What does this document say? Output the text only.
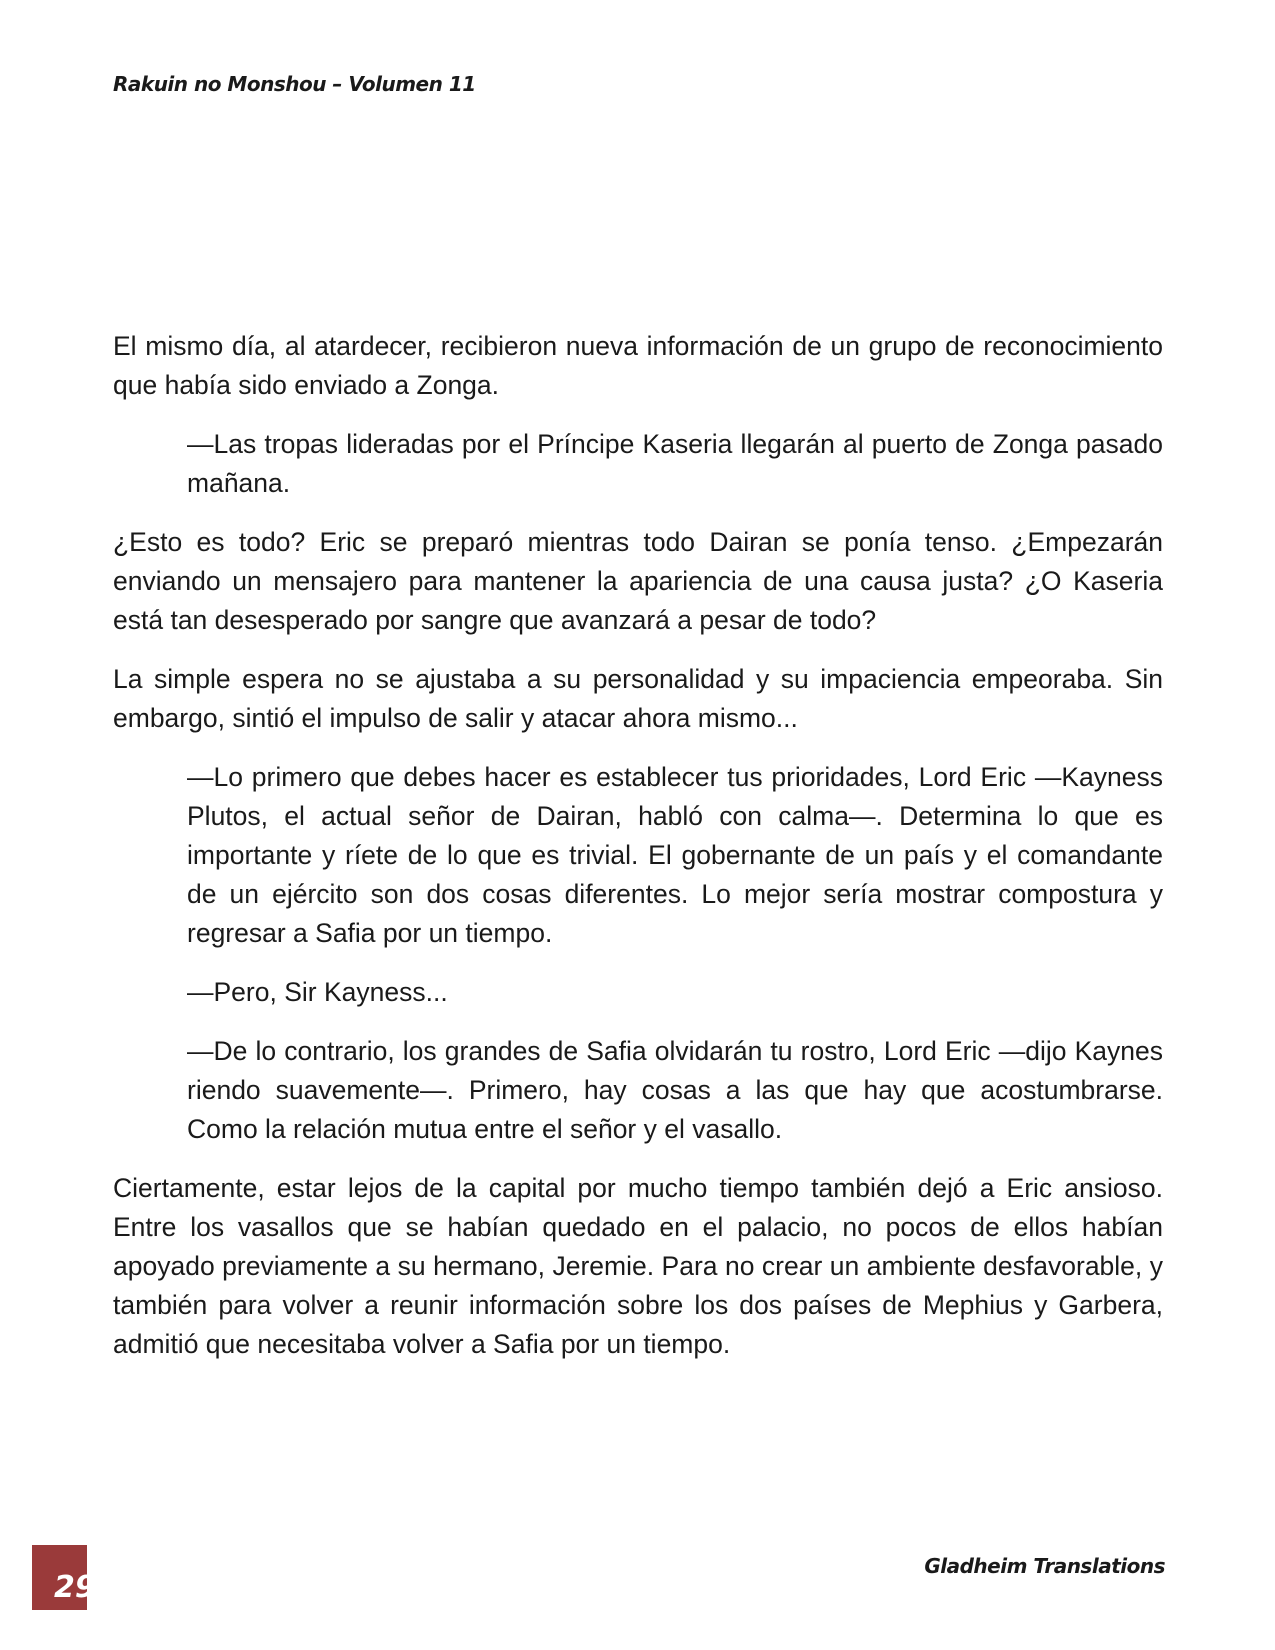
Rakuin no Monshou – Volumen 11

El mismo día, al atardecer, recibieron nueva información de un grupo de reconocimiento que había sido enviado a Zonga.

—Las tropas lideradas por el Príncipe Kaseria llegarán al puerto de Zonga pasado mañana.

¿Esto es todo? Eric se preparó mientras todo Dairan se ponía tenso. ¿Empezarán enviando un mensajero para mantener la apariencia de una causa justa? ¿O Kaseria está tan desesperado por sangre que avanzará a pesar de todo?

La simple espera no se ajustaba a su personalidad y su impaciencia empeoraba. Sin embargo, sintió el impulso de salir y atacar ahora mismo...

—Lo primero que debes hacer es establecer tus prioridades, Lord Eric —Kayness Plutos, el actual señor de Dairan, habló con calma—. Determina lo que es importante y ríete de lo que es trivial. El gobernante de un país y el comandante de un ejército son dos cosas diferentes. Lo mejor sería mostrar compostura y regresar a Safia por un tiempo.

—Pero, Sir Kayness...

—De lo contrario, los grandes de Safia olvidarán tu rostro, Lord Eric —dijo Kaynes riendo suavemente—. Primero, hay cosas a las que hay que acostumbrarse. Como la relación mutua entre el señor y el vasallo.

Ciertamente, estar lejos de la capital por mucho tiempo también dejó a Eric ansioso. Entre los vasallos que se habían quedado en el palacio, no pocos de ellos habían apoyado previamente a su hermano, Jeremie. Para no crear un ambiente desfavorable, y también para volver a reunir información sobre los dos países de Mephius y Garbera, admitió que necesitaba volver a Safia por un tiempo.

29
Gladheim Translations
